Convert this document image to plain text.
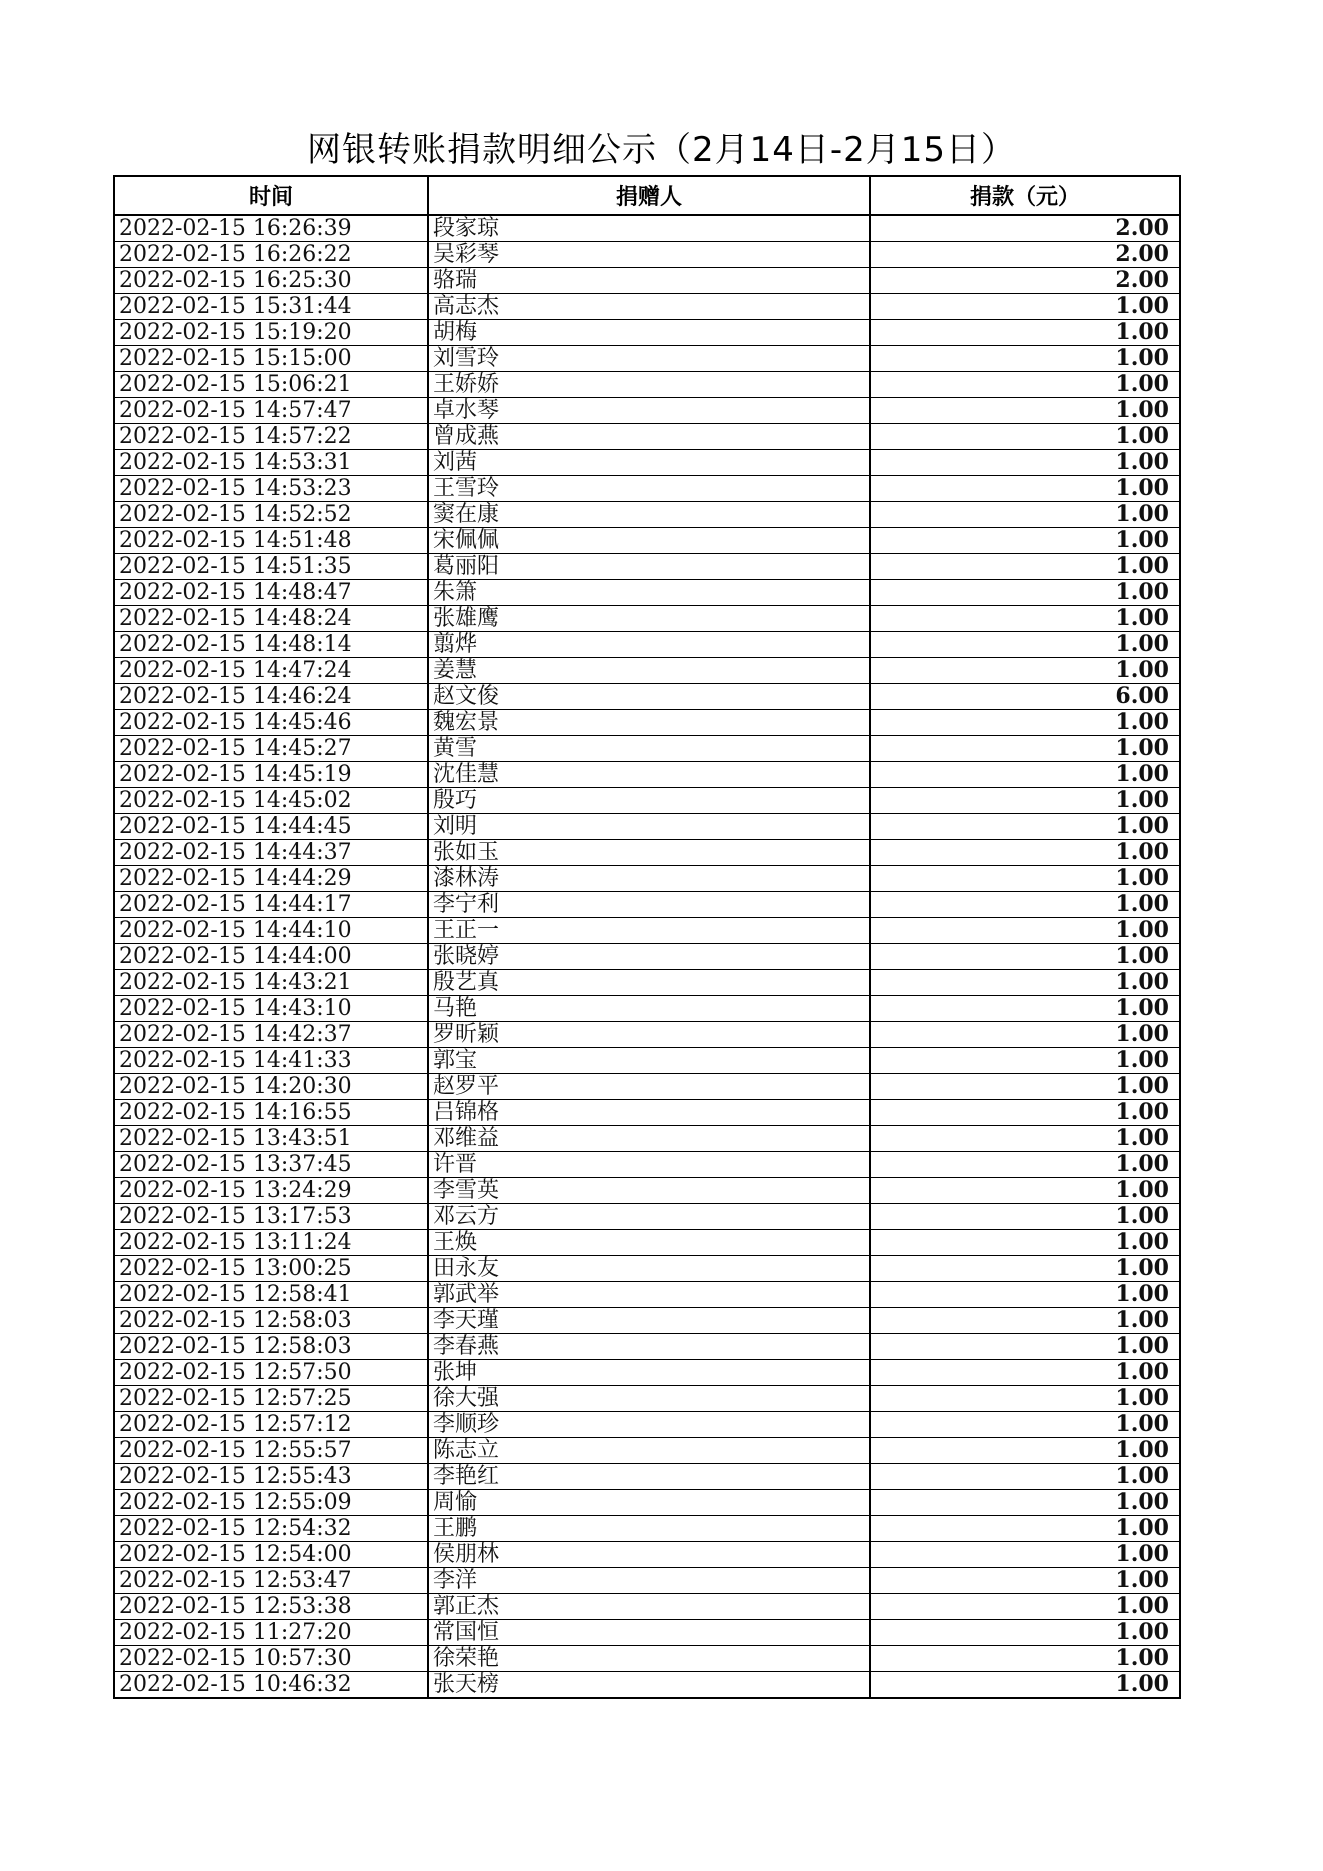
网银转账捐款明细公示（2月14日-2月15日）
时间	捐赠人	捐款（元）
2022-02-15 16:26:39	段家琼	2.00
2022-02-15 16:26:22	吴彩琴	2.00
2022-02-15 16:25:30	骆瑞	2.00
2022-02-15 15:31:44	高志杰	1.00
2022-02-15 15:19:20	胡梅	1.00
2022-02-15 15:15:00	刘雪玲	1.00
2022-02-15 15:06:21	王娇娇	1.00
2022-02-15 14:57:47	卓水琴	1.00
2022-02-15 14:57:22	曾成燕	1.00
2022-02-15 14:53:31	刘茜	1.00
2022-02-15 14:53:23	王雪玲	1.00
2022-02-15 14:52:52	窦在康	1.00
2022-02-15 14:51:48	宋佩佩	1.00
2022-02-15 14:51:35	葛丽阳	1.00
2022-02-15 14:48:47	朱箫	1.00
2022-02-15 14:48:24	张雄鹰	1.00
2022-02-15 14:48:14	翦烨	1.00
2022-02-15 14:47:24	姜慧	1.00
2022-02-15 14:46:24	赵文俊	6.00
2022-02-15 14:45:46	魏宏景	1.00
2022-02-15 14:45:27	黄雪	1.00
2022-02-15 14:45:19	沈佳慧	1.00
2022-02-15 14:45:02	殷巧	1.00
2022-02-15 14:44:45	刘明	1.00
2022-02-15 14:44:37	张如玉	1.00
2022-02-15 14:44:29	漆林涛	1.00
2022-02-15 14:44:17	李宁利	1.00
2022-02-15 14:44:10	王正一	1.00
2022-02-15 14:44:00	张晓婷	1.00
2022-02-15 14:43:21	殷艺真	1.00
2022-02-15 14:43:10	马艳	1.00
2022-02-15 14:42:37	罗昕颖	1.00
2022-02-15 14:41:33	郭宝	1.00
2022-02-15 14:20:30	赵罗平	1.00
2022-02-15 14:16:55	吕锦格	1.00
2022-02-15 13:43:51	邓维益	1.00
2022-02-15 13:37:45	许晋	1.00
2022-02-15 13:24:29	李雪英	1.00
2022-02-15 13:17:53	邓云方	1.00
2022-02-15 13:11:24	王焕	1.00
2022-02-15 13:00:25	田永友	1.00
2022-02-15 12:58:41	郭武举	1.00
2022-02-15 12:58:03	李天瑾	1.00
2022-02-15 12:58:03	李春燕	1.00
2022-02-15 12:57:50	张坤	1.00
2022-02-15 12:57:25	徐大强	1.00
2022-02-15 12:57:12	李顺珍	1.00
2022-02-15 12:55:57	陈志立	1.00
2022-02-15 12:55:43	李艳红	1.00
2022-02-15 12:55:09	周愉	1.00
2022-02-15 12:54:32	王鹏	1.00
2022-02-15 12:54:00	侯朋林	1.00
2022-02-15 12:53:47	李洋	1.00
2022-02-15 12:53:38	郭正杰	1.00
2022-02-15 11:27:20	常国恒	1.00
2022-02-15 10:57:30	徐荣艳	1.00
2022-02-15 10:46:32	张天榜	1.00
